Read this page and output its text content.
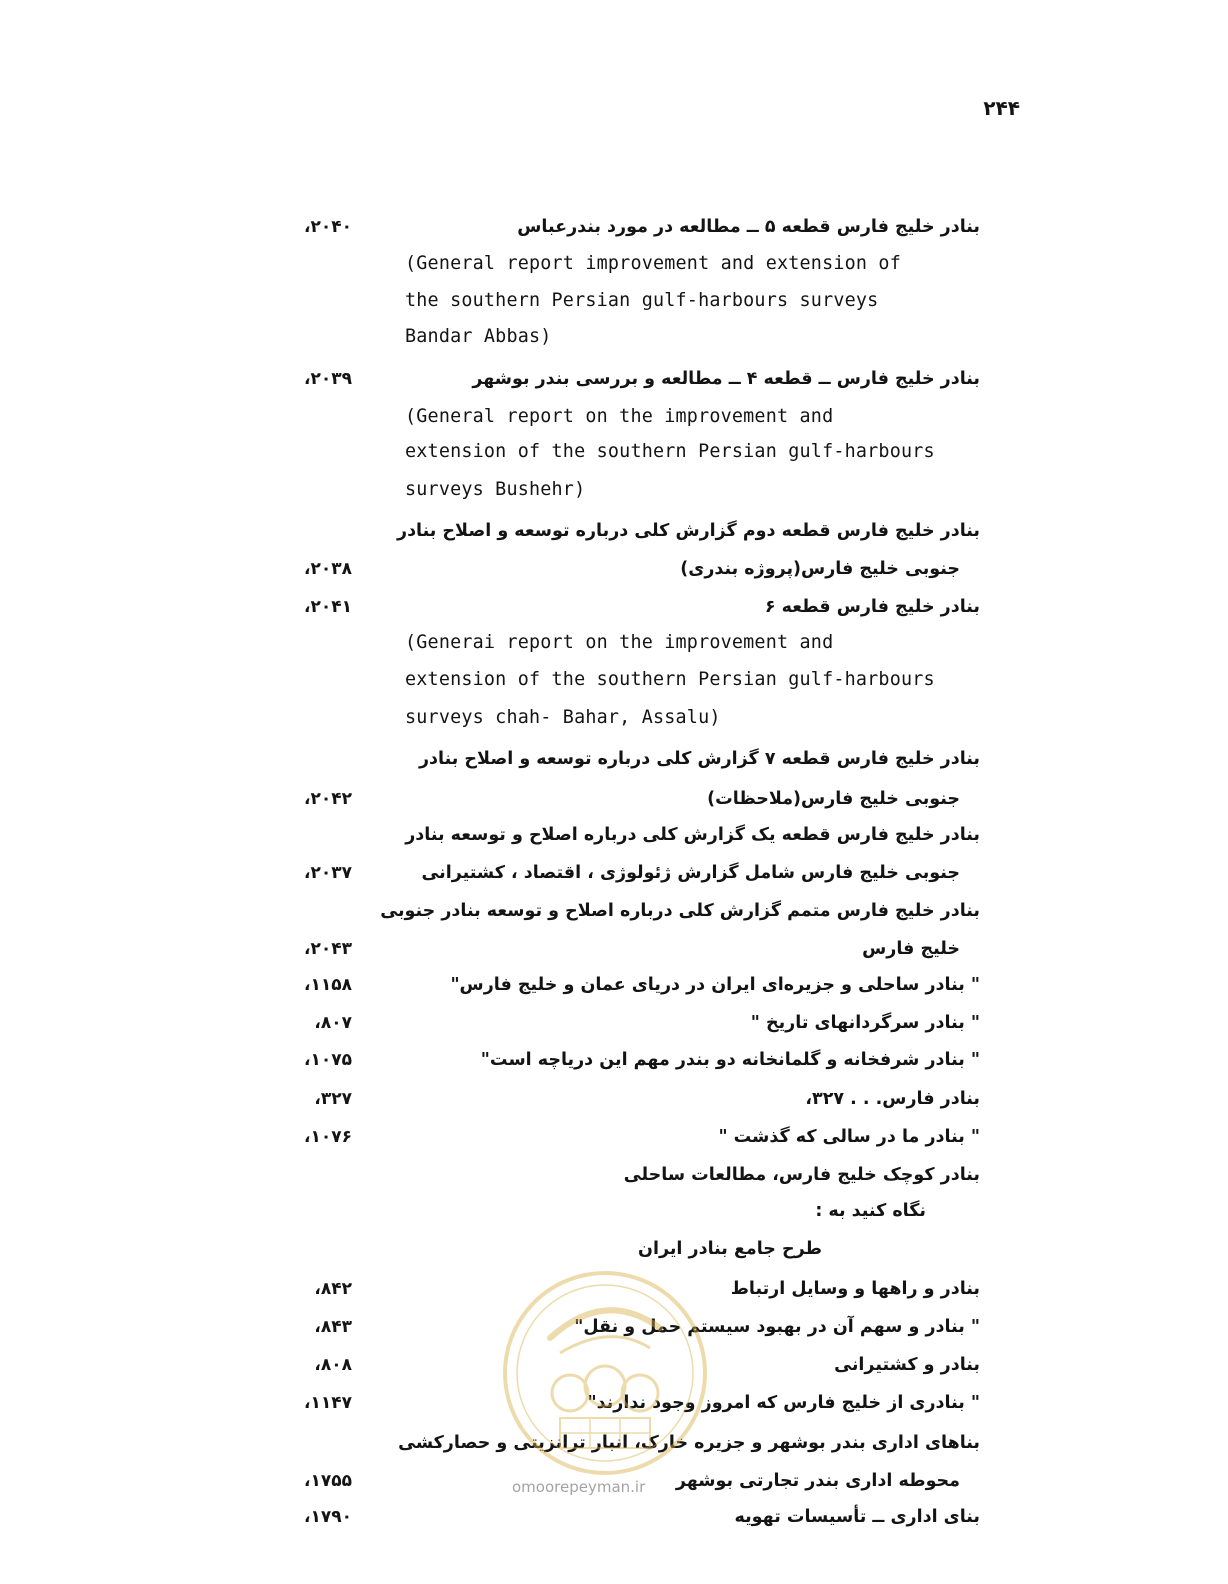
۲۴۴
بنادر خلیج فارس قطعه ۵ ــ مطالعه در مورد بندرعباس
۲۰۴۰،
(General report improvement and extension of
the southern Persian gulf-harbours surveys
Bandar Abbas)
بنادر خلیج فارس ــ قطعه ۴ ــ مطالعه و بررسی بندر بوشهر
۲۰۳۹،
(General report on the improvement and
extension of the southern Persian gulf-harbours
surveys Bushehr)
بنادر خلیج فارس قطعه دوم گزارش کلی درباره توسعه و اصلاح بنادر
جنوبی خلیج فارس(پروژه بندری)
۲۰۳۸،
بنادر خلیج فارس قطعه ۶
۲۰۴۱،
(Generai report on the improvement and
extension of the southern Persian gulf-harbours
surveys chah- Bahar, Assalu)
بنادر خلیج فارس قطعه ۷ گزارش کلی درباره توسعه و اصلاح بنادر
جنوبی خلیج فارس(ملاحظات)
۲۰۴۲،
بنادر خلیج فارس قطعه یک گزارش کلی درباره اصلاح و توسعه بنادر
جنوبی خلیج فارس شامل گزارش ژئولوژی ، اقتصاد ، کشتیرانی
۲۰۳۷،
بنادر خلیج فارس متمم گزارش کلی درباره اصلاح و توسعه بنادر جنوبی
خلیج فارس
۲۰۴۳،
" بنادر ساحلی و جزیره‌ای ایران در دریای عمان و خلیج فارس"
۱۱۵۸،
" بنادر سرگردانهای تاریخ "
۸۰۷،
" بنادر شرفخانه و گلمانخانه دو بندر مهم این دریاچه است"
۱۰۷۵،
بنادر فارس. . . ۳۲۷،
۳۲۷،
" بنادر ما در سالی که گذشت "
۱۰۷۶،
بنادر کوچک خلیج فارس، مطالعات ساحلی
نگاه کنید به :
طرح جامع بنادر ایران
بنادر و راهها و وسایل ارتباط
۸۴۲،
" بنادر و سهم آن در بهبود سیستم حمل و نقل"
۸۴۳،
بنادر و کشتیرانی
۸۰۸،
" بنادری از خلیج فارس که امروز وجود ندارند"
۱۱۴۷،
بناهای اداری بندر بوشهر و جزیره خارک، انبار ترانزیتی و حصارکشی
محوطه اداری بندر تجارتی بوشهر
۱۷۵۵،
بنای اداری ــ تأسیسات تهویه
۱۷۹۰،
omoorepeyman.ir
